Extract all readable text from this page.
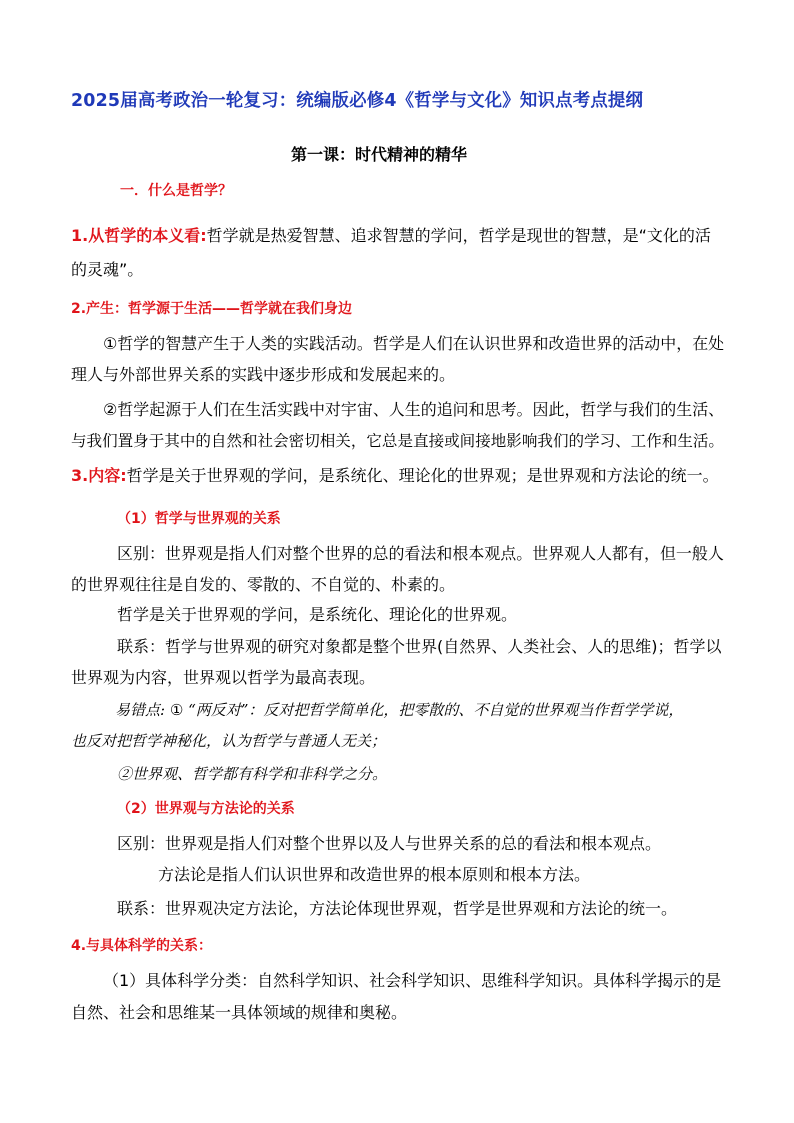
2025届高考政治一轮复习：统编版必修4《哲学与文化》知识点考点提纲
第一课：时代精神的精华
一．什么是哲学？
1.从哲学的本义看:哲学就是热爱智慧、追求智慧的学问，哲学是现世的智慧，是“文化的活
的灵魂”。
2.产生：哲学源于生活——哲学就在我们身边
①哲学的智慧产生于人类的实践活动。哲学是人们在认识世界和改造世界的活动中，在处
理人与外部世界关系的实践中逐步形成和发展起来的。
②哲学起源于人们在生活实践中对宇宙、人生的追问和思考。因此，哲学与我们的生活、
与我们置身于其中的自然和社会密切相关，它总是直接或间接地影响我们的学习、工作和生活。
3.内容:哲学是关于世界观的学问，是系统化、理论化的世界观；是世界观和方法论的统一。
（1）哲学与世界观的关系
区别：世界观是指人们对整个世界的总的看法和根本观点。世界观人人都有，但一般人
的世界观往往是自发的、零散的、不自觉的、朴素的。
哲学是关于世界观的学问，是系统化、理论化的世界观。
联系：哲学与世界观的研究对象都是整个世界(自然界、人类社会、人的思维)；哲学以
世界观为内容，世界观以哲学为最高表现。
易错点: ① “两反对”：反对把哲学简单化，把零散的、不自觉的世界观当作哲学学说，
也反对把哲学神秘化，认为哲学与普通人无关；
②世界观、哲学都有科学和非科学之分。
（2）世界观与方法论的关系
区别：世界观是指人们对整个世界以及人与世界关系的总的看法和根本观点。
方法论是指人们认识世界和改造世界的根本原则和根本方法。
联系：世界观决定方法论，方法论体现世界观，哲学是世界观和方法论的统一。
4.与具体科学的关系：
（1）具体科学分类：自然科学知识、社会科学知识、思维科学知识。具体科学揭示的是
自然、社会和思维某一具体领域的规律和奥秘。
